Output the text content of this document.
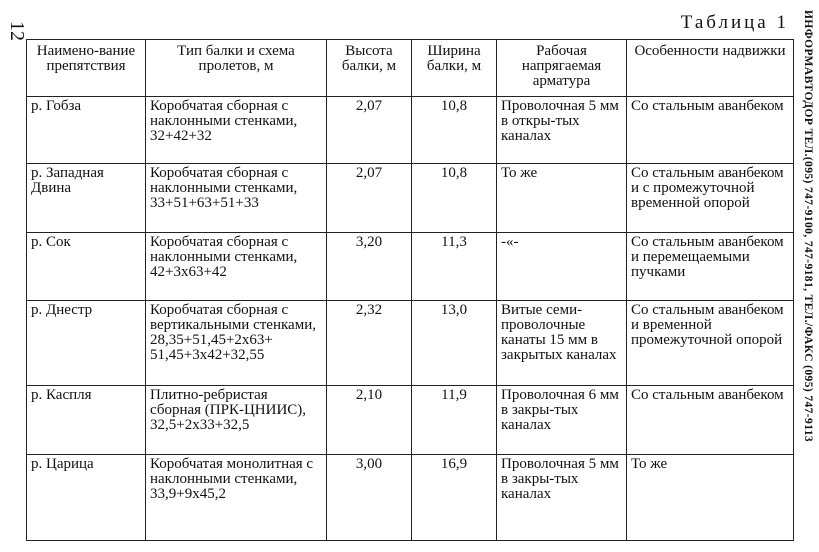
12	Таблица 1 ИНФОРМАВТОДОР ТЕЛ.(095) 747-9100, 747-9181, ТЕЛ./ФАКС (095) 747-9113
Наимено-вание препятствия	Тип балки и схема пролетов, м	Высота балки, м	Ширина балки, м	Рабочая напрягаемая арматура	Особенности надвижки
р. Гобза	Коробчатая сборная с наклонными стенками, 32+42+32	2,07	10,8	Проволочная 5 мм в откры-тых каналах	Со стальным аванбеком
р. Западная Двина	Коробчатая сборная с наклонными стенками, 33+51+63+51+33	2,07	10,8	То же	Со стальным аванбеком и с промежуточной временной опорой
р. Сок	Коробчатая сборная с наклонными стенками, 42+3x63+42	3,20	11,3	-«-	Со стальным аванбеком и перемещаемыми пучками
р. Днестр	Коробчатая сборная с вертикальными стенками, 28,35+51,45+2x63+ 51,45+3x42+32,55	2,32	13,0	Витые семи-проволочные канаты 15 мм в закрытых каналах	Со стальным аванбеком и временной промежуточной опорой
р. Каспля	Плитно-ребристая сборная (ПРК-ЦНИИС), 32,5+2x33+32,5	2,10	11,9	Проволочная 6 мм в закры-тых каналах	Со стальным аванбеком
р. Царица	Коробчатая монолитная с наклонными стенками, 33,9+9x45,2	3,00	16,9	Проволочная 5 мм в закры-тых каналах	То же
